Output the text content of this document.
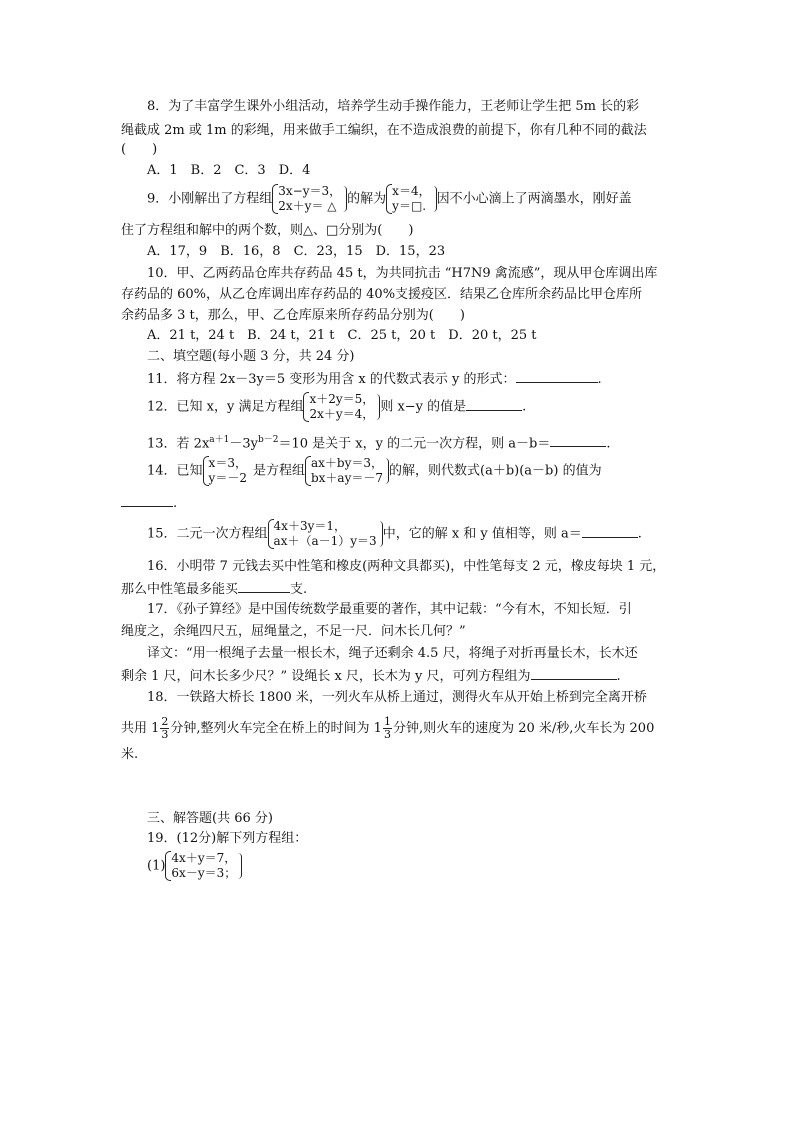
8．为了丰富学生课外小组活动，培养学生动手操作能力，王老师让学生把 5m 长的彩
绳截成 2m 或 1m 的彩绳，用来做手工编织，在不造成浪费的前提下，你有几种不同的截法
(　　)
A．1　B．2　C．3　D．4
9．小刚解出了方程组
3x−y＝3，
2x＋y＝ △ 的解为
x＝4，
y＝□. 因不小心滴上了两滴墨水，刚好盖
住了方程组和解中的两个数，则△、□分别为(　　)
A．17，9　B．16，8　C．23，15　D．15，23
10．甲、乙两药品仓库共存药品 45 t，为共同抗击 “H7N9 禽流感”，现从甲仓库调出库
存药品的 60%，从乙仓库调出库存药品的 40%支援疫区．结果乙仓库所余药品比甲仓库所
余药品多 3 t，那么，甲、乙仓库原来所存药品分别为(　　)
A．21 t，24 t　B．24 t，21 t　C．25 t，20 t　D．20 t，25 t
二、填空题(每小题 3 分，共 24 分)
11．将方程 2x－3y＝5 变形为用含 x 的代数式表示 y 的形式：	.
12．已知 x，y 满足方程组
x＋2y＝5，
2x＋y＝4， 则 x−y 的值是	.
13．若 $2x^{a+1}-3y^{b-2}=10$ 是关于 x，y 的二元一次方程，则 a－b＝	.
14．已知
x＝3，
y＝－2 是方程组
ax＋by＝3，
bx＋ay＝－7 的解，则代数式(a＋b)(a－b) 的值为
.
15．二元一次方程组
4x＋3y＝1，
ax＋（a－1）y＝3 中，它的解 x 和 y 值相等，则 a＝	.
16．小明带 7 元钱去买中性笔和橡皮(两种文具都买)，中性笔每支 2 元，橡皮每块 1 元，
那么中性笔最多能买	支.
17．《孙子算经》是中国传统数学最重要的著作，其中记载：“今有木，不知长短．引
绳度之，余绳四尺五，屈绳量之，不足一尺．问木长几何？”
译文：“用一根绳子去量一根长木，绳子还剩余 4.5 尺，将绳子对折再量长木，长木还
剩余 1 尺，问木长多少尺？” 设绳长 x 尺，长木为 y 尺，可列方程组为	.
18．一铁路大桥长 1800 米，一列火车从桥上通过，测得火车从开始上桥到完全离开桥
共用 $1 \frac{2}{3}$ 分钟,整列火车完全在桥上的时间为 $1 \frac{1}{3}$ 分钟,则火车的速度为 20 米/秒,火车长为 200
米.
三、解答题(共 66 分)
19．(12分)解下列方程组：
(1)
4x＋y＝7，
6x－y＝3；
